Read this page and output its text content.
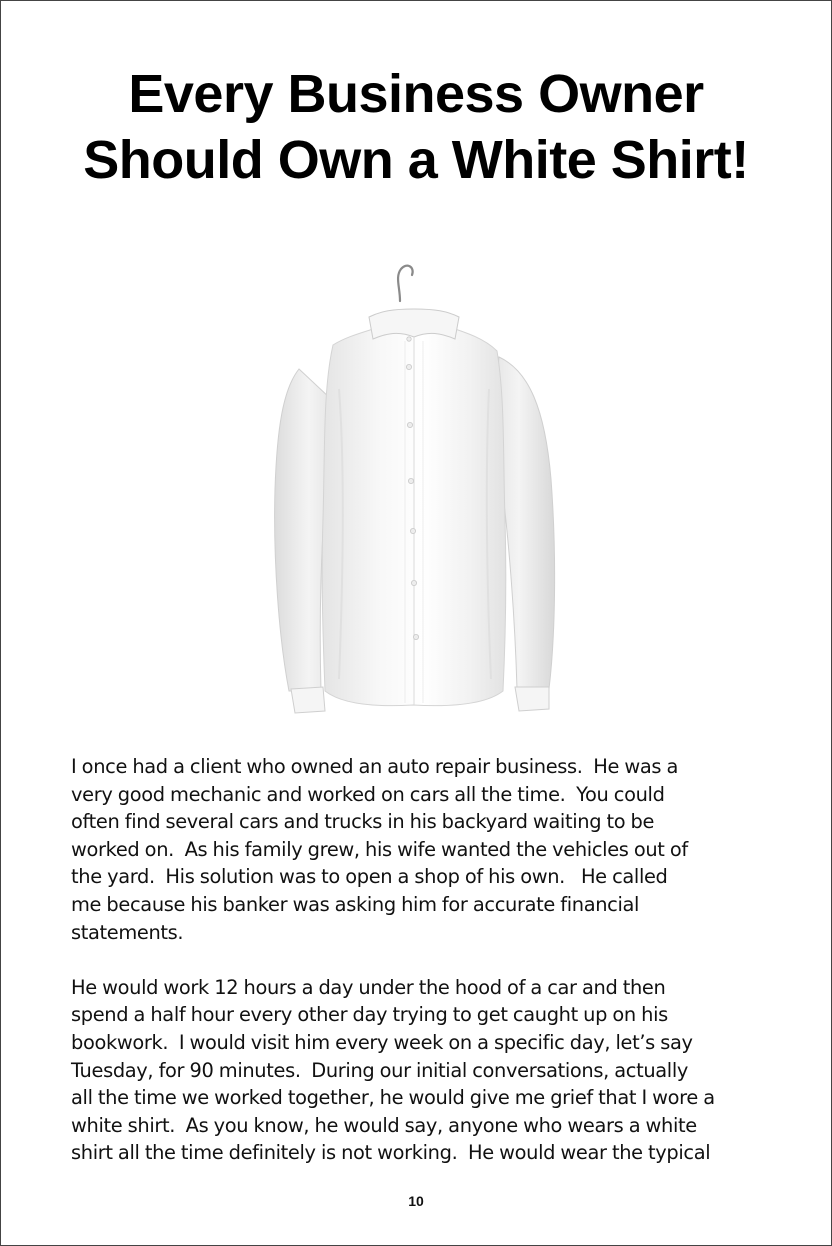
Every Business Owner
Should Own a White Shirt!

I once had a client who owned an auto repair business.  He was a
very good mechanic and worked on cars all the time.  You could
often find several cars and trucks in his backyard waiting to be
worked on.  As his family grew, his wife wanted the vehicles out of
the yard.  His solution was to open a shop of his own.   He called
me because his banker was asking him for accurate financial
statements.

He would work 12 hours a day under the hood of a car and then
spend a half hour every other day trying to get caught up on his
bookwork.  I would visit him every week on a specific day, let’s say
Tuesday, for 90 minutes.  During our initial conversations, actually
all the time we worked together, he would give me grief that I wore a
white shirt.  As you know, he would say, anyone who wears a white
shirt all the time definitely is not working.  He would wear the typical

10
